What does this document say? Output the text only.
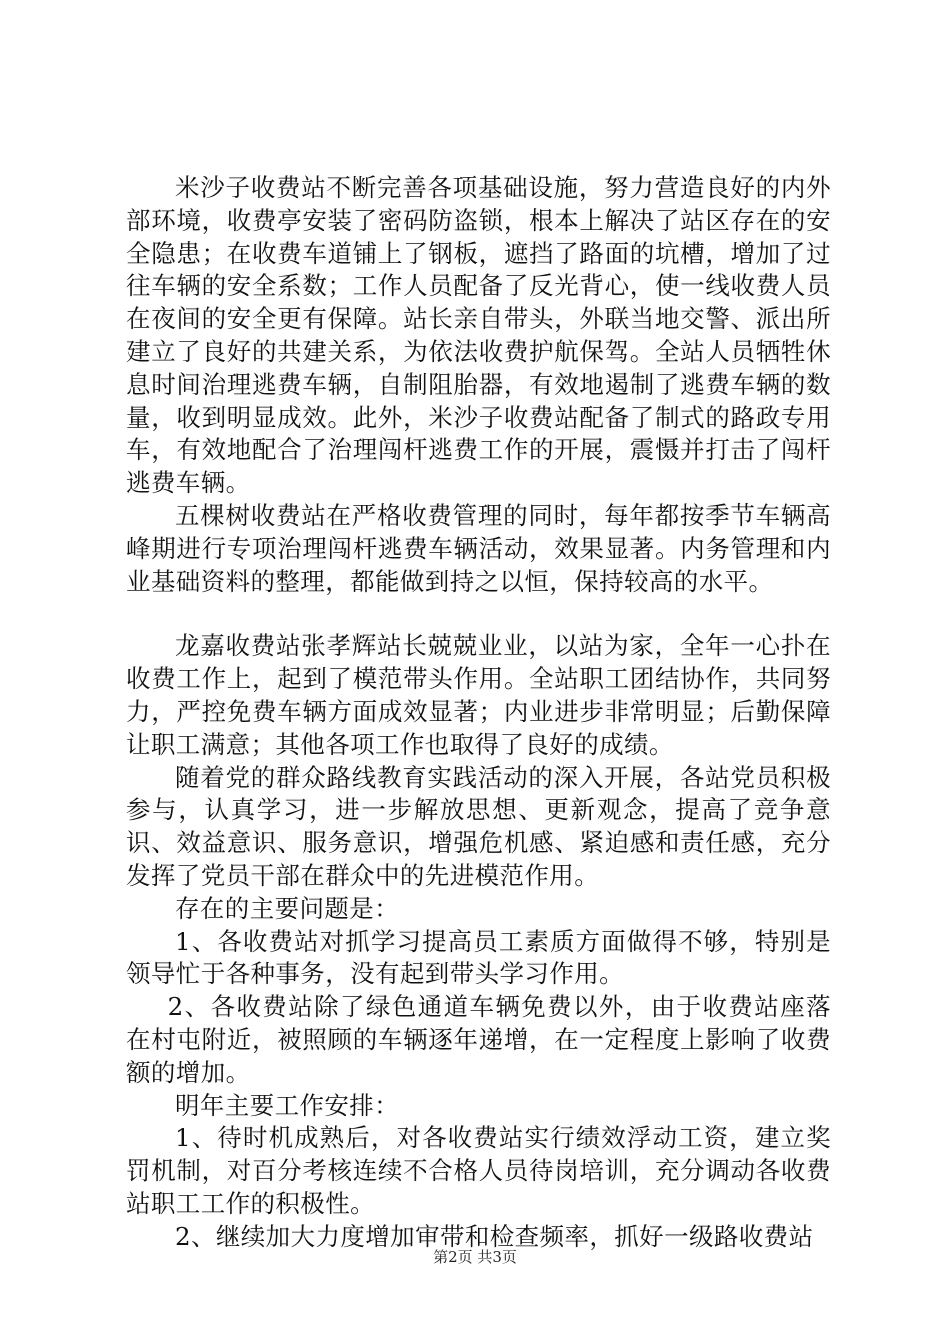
米沙子收费站不断完善各项基础设施，努力营造良好的内外部环境，收费亭安装了密码防盗锁，根本上解决了站区存在的安全隐患；在收费车道铺上了钢板，遮挡了路面的坑槽，增加了过往车辆的安全系数；工作人员配备了反光背心，使一线收费人员在夜间的安全更有保障。站长亲自带头，外联当地交警、派出所建立了良好的共建关系，为依法收费护航保驾。全站人员牺牲休息时间治理逃费车辆，自制阻胎器，有效地遏制了逃费车辆的数量，收到明显成效。此外，米沙子收费站配备了制式的路政专用车，有效地配合了治理闯杆逃费工作的开展，震慑并打击了闯杆逃费车辆。

五棵树收费站在严格收费管理的同时，每年都按季节车辆高峰期进行专项治理闯杆逃费车辆活动，效果显著。内务管理和内业基础资料的整理，都能做到持之以恒，保持较高的水平。

龙嘉收费站张孝辉站长兢兢业业，以站为家，全年一心扑在收费工作上，起到了模范带头作用。全站职工团结协作，共同努力，严控免费车辆方面成效显著；内业进步非常明显；后勤保障让职工满意；其他各项工作也取得了良好的成绩。

随着党的群众路线教育实践活动的深入开展，各站党员积极参与，认真学习，进一步解放思想、更新观念，提高了竞争意识、效益意识、服务意识，增强危机感、紧迫感和责任感，充分发挥了党员干部在群众中的先进模范作用。

存在的主要问题是：

1、各收费站对抓学习提高员工素质方面做得不够，特别是领导忙于各种事务，没有起到带头学习作用。

2、各收费站除了绿色通道车辆免费以外，由于收费站座落在村屯附近，被照顾的车辆逐年递增，在一定程度上影响了收费额的增加。

明年主要工作安排：

1、待时机成熟后，对各收费站实行绩效浮动工资，建立奖罚机制，对百分考核连续不合格人员待岗培训，充分调动各收费站职工工作的积极性。

2、继续加大力度增加审带和检查频率，抓好一级路收费站

第2页 共3页
